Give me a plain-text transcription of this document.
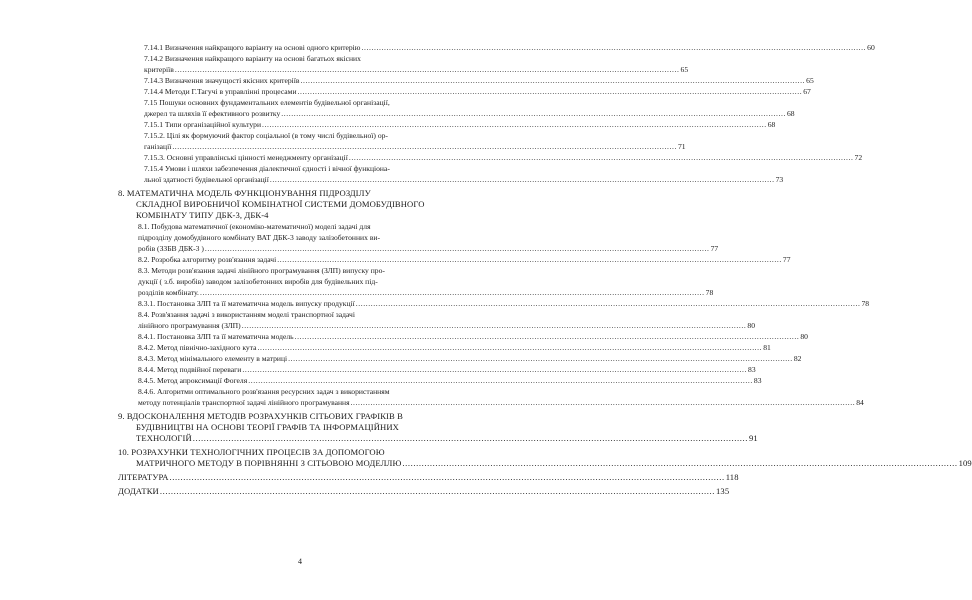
7.14.1 Визначення найкращого варіанту на основі одного критерію .....	60
7.14.2 Визначення найкращого варіанту на основі багатьох якісних
критеріїв .....	65
7.14.3 Визначення значущості якісних критеріїв .....	65
7.14.4 Методи Г.Тагучі в управлінні процесами .....	67
7.15 Пошуки основних фундаментальних елементів будівельної організації,
джерел та шляхів її ефективного розвитку .....	68
7.15.1 Типи організаційної культури .....	68
7.15.2. Цілі як формуючий фактор соціальної (в тому числі будівельної) ор-
ганізації .....	71
7.15.3. Основні управлінські цінності менеджменту організації .....	72
7.15.4 Умови і шляхи забезпечення діалектичної єдності і вічної функціона-
льної здатності будівельної організації .....	73
8. МАТЕМАТИЧНА МОДЕЛЬ ФУНКЦІОНУВАННЯ ПІДРОЗДІЛУ
СКЛАДНОЇ ВИРОБНИЧОЇ КОМБІНАТНОЇ СИСТЕМИ ДОМОБУДІВНОГО
КОМБІНАТУ ТИПУ ДБК-3, ДБК-4
8.1. Побудова математичної (економіко-математичної) моделі задачі для
підрозділу домобудівного комбінату ВАТ ДБК-3 заводу залізобетонних ви-
робів (ЗЗБВ ДБК-3 ) .....	77
8.2. Розробка алгоритму розв'язання задачі .....	77
8.3. Методи розв'язання задачі лінійного програмування (ЗЛП) випуску про-
дукції ( з.б. виробів) заводом залізобетонних виробів для будівельних під-
розділів комбінату. .....	78
8.3.1. Постановка ЗЛП та її математична модель випуску продукції .....	78
8.4. Розв'язання задачі з використанням моделі транспортної задачі
лінійного програмування (ЗЛП) .....	80
8.4.1. Постановка ЗЛП та її математична модель .....	80
8.4.2. Метод північно-західного кута .....	81
8.4.3. Метод мінімального елементу в матриці .....	82
8.4.4. Метод подвійної переваги .....	83
8.4.5. Метод апроксимації Фогеля .....	83
8.4.6. Алгоритми оптимального розв'язання ресурсних задач з використанням
методу потенціалів транспортної задачі лінійного програмування .....	84
9. ВДОСКОНАЛЕННЯ МЕТОДІВ РОЗРАХУНКІВ СІТЬОВИХ ГРАФІКІВ В
БУДІВНИЦТВІ НА ОСНОВІ ТЕОРІЇ ГРАФІВ ТА ІНФОРМАЦІЙНИХ
ТЕХНОЛОГІЙ .....	91
10. РОЗРАХУНКИ ТЕХНОЛОГІЧНИХ ПРОЦЕСІВ ЗА ДОПОМОГОЮ
МАТРИЧНОГО МЕТОДУ В ПОРІВНЯННІ З СІТЬОВОЮ МОДЕЛЛЮ .....	109
ЛІТЕРАТУРА .....	118
ДОДАТКИ .....	135
4
